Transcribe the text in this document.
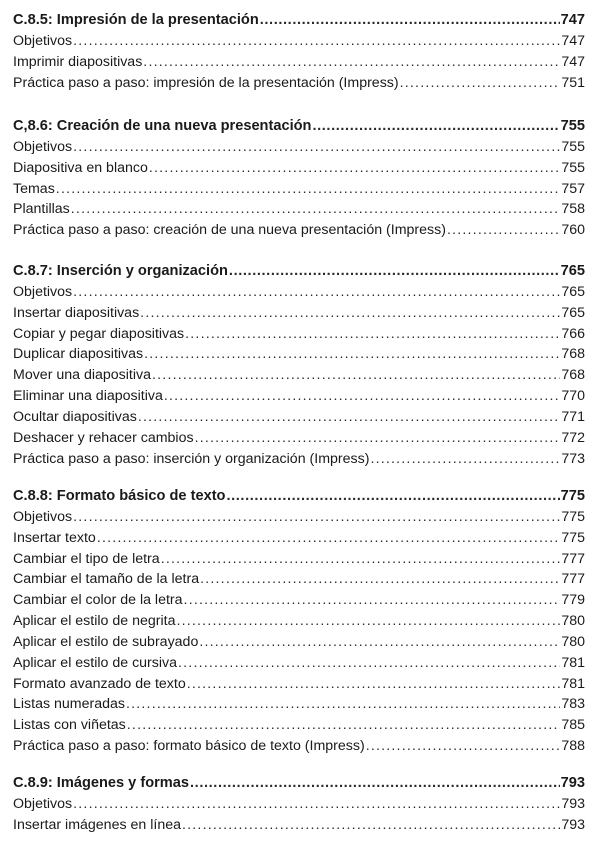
C.8.5: Impresión de la presentación .....	747
Objetivos .....	747
Imprimir diapositivas .....	747
Práctica paso a paso: impresión de la presentación (Impress) .....	751
C,8.6: Creación de una nueva presentación .....	755
Objetivos .....	755
Diapositiva en blanco .....	755
Temas .....	757
Plantillas .....	758
Práctica paso a paso: creación de una nueva presentación (Impress) .....	760
C.8.7: Inserción y organización .....	765
Objetivos .....	765
Insertar diapositivas .....	765
Copiar y pegar diapositivas .....	766
Duplicar diapositivas .....	768
Mover una diapositiva .....	768
Eliminar una diapositiva .....	770
Ocultar diapositivas .....	771
Deshacer y rehacer cambios .....	772
Práctica paso a paso: inserción y organización (Impress) .....	773
C.8.8: Formato básico de texto .....	775
Objetivos .....	775
Insertar texto .....	775
Cambiar el tipo de letra .....	777
Cambiar el tamaño de la letra .....	777
Cambiar el color de la letra .....	779
Aplicar el estilo de negrita .....	780
Aplicar el estilo de subrayado .....	780
Aplicar el estilo de cursiva .....	781
Formato avanzado de texto .....	781
Listas numeradas .....	783
Listas con viñetas .....	785
Práctica paso a paso: formato básico de texto (Impress) .....	788
C.8.9: Imágenes y formas .....	793
Objetivos .....	793
Insertar imágenes en línea .....	793
